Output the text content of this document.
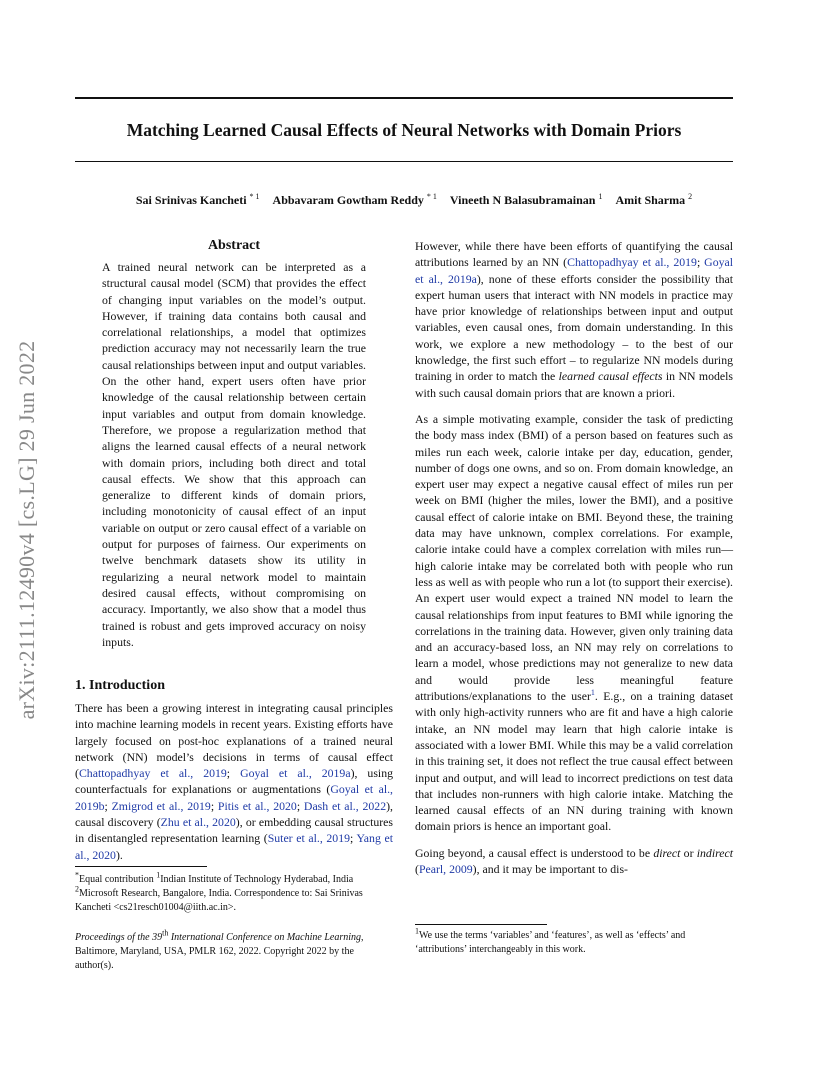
Matching Learned Causal Effects of Neural Networks with Domain Priors
Sai Srinivas Kancheti $^{* 1}$ Abbavaram Gowtham Reddy $^{* 1}$ Vineeth N Balasubramainan $^1$ Amit Sharma $^2$
arXiv:2111.12490v4 [cs.LG] 29 Jun 2022
Abstract
A trained neural network can be interpreted as a structural causal model (SCM) that provides the effect of changing input variables on the model’s output. However, if training data contains both causal and correlational relationships, a model that optimizes prediction accuracy may not necessarily learn the true causal relationships between input and output variables. On the other hand, expert users often have prior knowledge of the causal relationship between certain input variables and output from domain knowledge. Therefore, we propose a regularization method that aligns the learned causal effects of a neural network with domain priors, including both direct and total causal effects. We show that this approach can generalize to different kinds of domain priors, including monotonicity of causal effect of an input variable on output or zero causal effect of a variable on output for purposes of fairness. Our experiments on twelve benchmark datasets show its utility in regularizing a neural network model to maintain desired causal effects, without compromising on accuracy. Importantly, we also show that a model thus trained is robust and gets improved accuracy on noisy inputs.
1. Introduction
There has been a growing interest in integrating causal principles into machine learning models in recent years. Existing efforts have largely focused on post-hoc explanations of a trained neural network (NN) model’s decisions in terms of causal effect (Chattopadhyay et al., 2019; Goyal et al., 2019a), using counterfactuals for explanations or augmentations (Goyal et al., 2019b; Zmigrod et al., 2019; Pitis et al., 2020; Dash et al., 2022), causal discovery (Zhu et al., 2020), or embedding causal structures in disentangled representation learning (Suter et al., 2019; Yang et al., 2020).
*Equal contribution $^1$Indian Institute of Technology Hyderabad, India $^2$Microsoft Research, Bangalore, India. Correspondence to: Sai Srinivas Kancheti <cs21resch01004@iith.ac.in>.
Proceedings of the 39th International Conference on Machine Learning, Baltimore, Maryland, USA, PMLR 162, 2022. Copyright 2022 by the author(s).

However, while there have been efforts of quantifying the causal attributions learned by an NN (Chattopadhyay et al., 2019; Goyal et al., 2019a), none of these efforts consider the possibility that expert human users that interact with NN models in practice may have prior knowledge of relationships between input and output variables, even causal ones, from domain understanding. In this work, we explore a new methodology – to the best of our knowledge, the first such effort – to regularize NN models during training in order to match the learned causal effects in NN models with such causal domain priors that are known a priori.

As a simple motivating example, consider the task of predicting the body mass index (BMI) of a person based on features such as miles run each week, calorie intake per day, education, gender, number of dogs one owns, and so on. From domain knowledge, an expert user may expect a negative causal effect of miles run per week on BMI (higher the miles, lower the BMI), and a positive causal effect of calorie intake on BMI. Beyond these, the training data may have unknown, complex correlations. For example, calorie intake could have a complex correlation with miles run—high calorie intake may be correlated both with people who run less as well as with people who run a lot (to support their exercise). An expert user would expect a trained NN model to learn the causal relationships from input features to BMI while ignoring the correlations in the training data. However, given only training data and an accuracy-based loss, an NN may rely on correlations to learn a model, whose predictions may not generalize to new data and would provide less meaningful feature attributions/explanations to the user$^1$. E.g., on a training dataset with only high-activity runners who are fit and have a high calorie intake, an NN model may learn that high calorie intake is associated with a lower BMI. While this may be a valid correlation in this training set, it does not reflect the true causal effect between input and output, and will lead to incorrect predictions on test data that includes non-runners with high calorie intake. Matching the learned causal effects of an NN during training with known domain priors is hence an important goal.

Going beyond, a causal effect is understood to be direct or indirect (Pearl, 2009), and it may be important to dis-

$^1$We use the terms ‘variables’ and ‘features’, as well as ‘effects’ and ‘attributions’ interchangeably in this work.
